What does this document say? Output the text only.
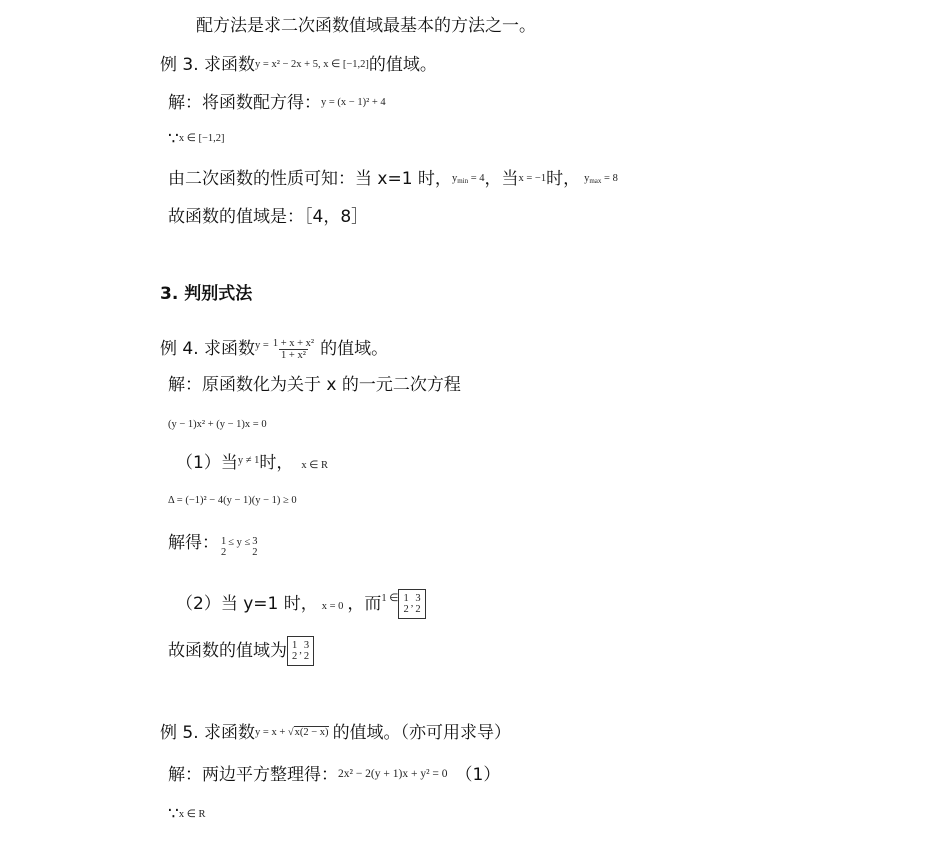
配方法是求二次函数值域最基本的方法之一。
例 3. 求函数y = x² − 2x + 5, x ∈ [−1,2]的值域。
解：将函数配方得：y = (x − 1)² + 4
∵x ∈ [−1,2]
由二次函数的性质可知：当 x=1 时，$y_{min} = 4$，当x = −1时， $y_{max} = 8$
故函数的值域是：［4，8］
3. 判别式法
例 4. 求函数$^{y =} \frac{\text{1 + x + x²}}{\text{1 + x²}}$ 的值域。
解：原函数化为关于 x 的一元二次方程
(y − 1)x² + (y − 1)x = 0
（1）当$^{y \ne 1}$时， x ∈ R
Δ = (−1)² − 4(y − 1)(y − 1) ≥ 0
解得： 1
2
≤ y ≤ 3
2
（2）当 y=1 时， x = 0 ，而$^{1 \in}$ 1
2
, 3
2
故函数的值域为 1
2
, 3
2
例 5. 求函数y = x + √x(2 − x) 的值域。（亦可用求导）
解：两边平方整理得：2x² − 2(y + 1)x + y² = 0 （1）
∵x ∈ R
